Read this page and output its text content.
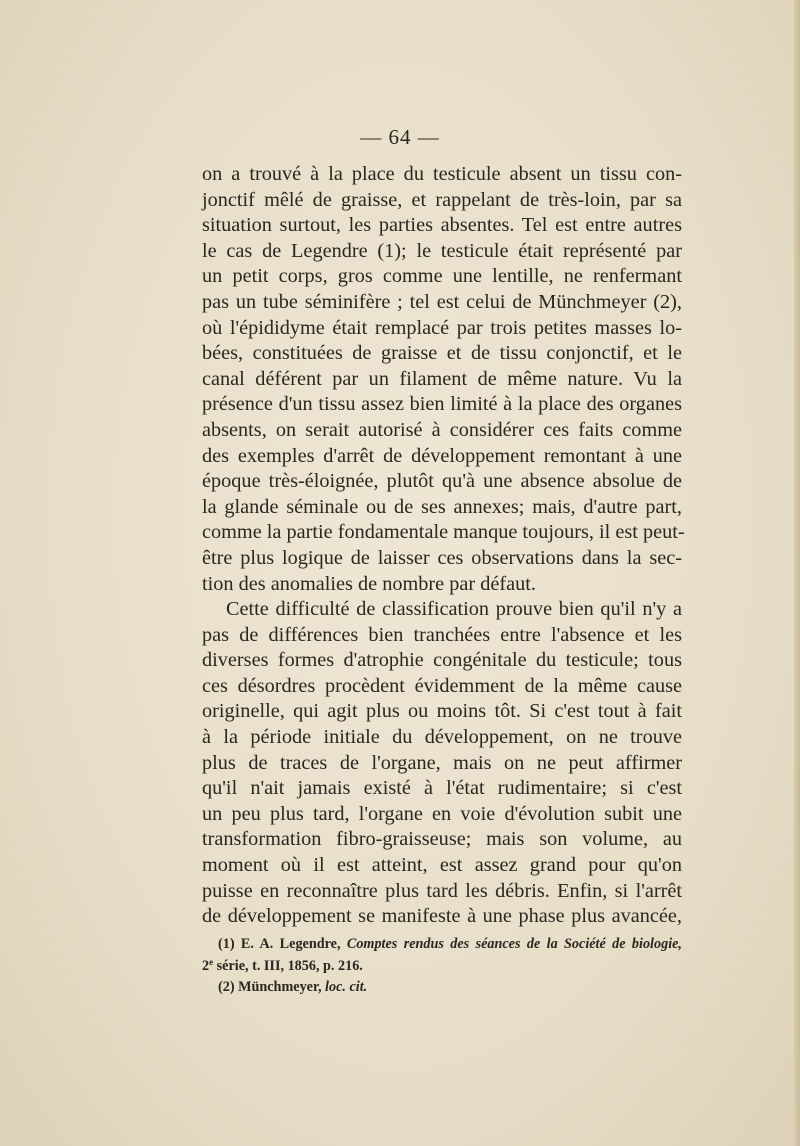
— 64 —
on a trouvé à la place du testicule absent un tissu con-
jonctif mêlé de graisse, et rappelant de très-loin, par sa
situation surtout, les parties absentes. Tel est entre autres
le cas de Legendre (1); le testicule était représenté par
un petit corps, gros comme une lentille, ne renfermant
pas un tube séminifère ; tel est celui de Münchmeyer (2),
où l'épididyme était remplacé par trois petites masses lo-
bées, constituées de graisse et de tissu conjonctif, et le
canal déférent par un filament de même nature. Vu la
présence d'un tissu assez bien limité à la place des organes
absents, on serait autorisé à considérer ces faits comme
des exemples d'arrêt de développement remontant à une
époque très-éloignée, plutôt qu'à une absence absolue de
la glande séminale ou de ses annexes; mais, d'autre part,
comme la partie fondamentale manque toujours, il est peut-
être plus logique de laisser ces observations dans la sec-
tion des anomalies de nombre par défaut.
Cette difficulté de classification prouve bien qu'il n'y a
pas de différences bien tranchées entre l'absence et les
diverses formes d'atrophie congénitale du testicule; tous
ces désordres procèdent évidemment de la même cause
originelle, qui agit plus ou moins tôt. Si c'est tout à fait
à la période initiale du développement, on ne trouve
plus de traces de l'organe, mais on ne peut affirmer
qu'il n'ait jamais existé à l'état rudimentaire; si c'est
un peu plus tard, l'organe en voie d'évolution subit une
transformation fibro-graisseuse; mais son volume, au
moment où il est atteint, est assez grand pour qu'on
puisse en reconnaître plus tard les débris. Enfin, si l'arrêt
de développement se manifeste à une phase plus avancée,
(1) E. A. Legendre, Comptes rendus des séances de la Société de biologie,
2e série, t. III, 1856, p. 216.
(2) Münchmeyer, loc. cit.
